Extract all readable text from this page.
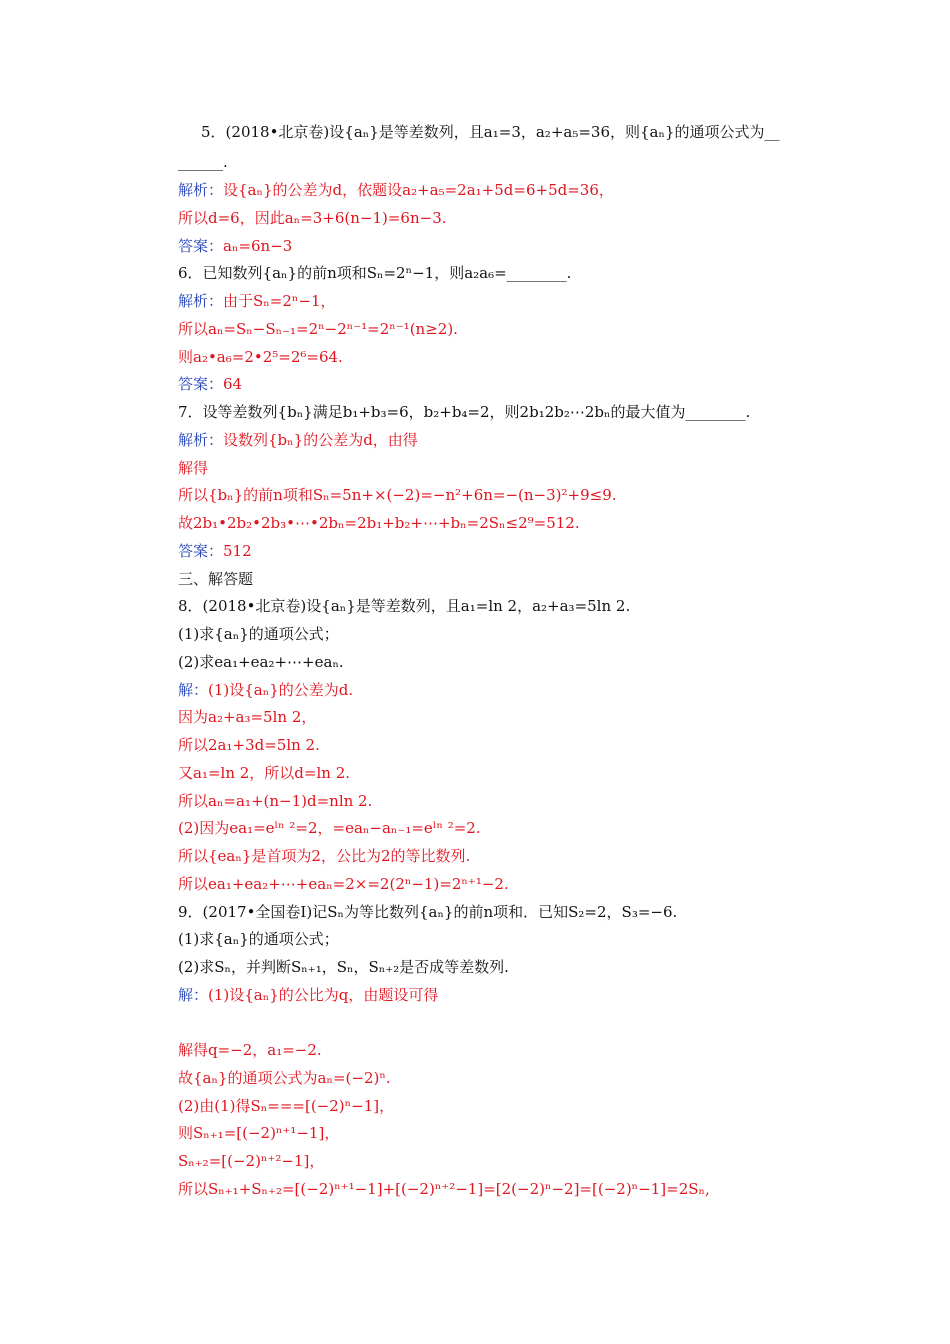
5．(2018•北京卷)设{aₙ}是等差数列，且a₁=3，a₂+a₅=36，则{aₙ}的通项公式为__
______.
解析：设{aₙ}的公差为d，依题设a₂+a₅=2a₁+5d=6+5d=36，
所以d=6，因此aₙ=3+6(n−1)=6n−3.
答案：aₙ=6n−3
6．已知数列{aₙ}的前n项和Sₙ=2ⁿ−1，则a₂a₆=________.
解析：由于Sₙ=2ⁿ−1，
所以aₙ=Sₙ−Sₙ₋₁=2ⁿ−2ⁿ⁻¹=2ⁿ⁻¹(n≥2).
则a₂•a₆=2•2⁵=2⁶=64.
答案：64
7．设等差数列{bₙ}满足b₁+b₃=6，b₂+b₄=2，则2b₁2b₂⋯2bₙ的最大值为________.
解析：设数列{bₙ}的公差为d，由得
解得
所以{bₙ}的前n项和Sₙ=5n+×(−2)=−n²+6n=−(n−3)²+9≤9.
故2b₁•2b₂•2b₃•⋯•2bₙ=2b₁+b₂+⋯+bₙ=2Sₙ≤2⁹=512.
答案：512
三、解答题
8．(2018•北京卷)设{aₙ}是等差数列，且a₁=ln 2，a₂+a₃=5ln 2.
(1)求{aₙ}的通项公式；
(2)求ea₁+ea₂+⋯+eaₙ.
解：(1)设{aₙ}的公差为d.
因为a₂+a₃=5ln 2，
所以2a₁+3d=5ln 2.
又a₁=ln 2，所以d=ln 2.
所以aₙ=a₁+(n−1)d=nln 2.
(2)因为ea₁=eˡⁿ ²=2，=eaₙ−aₙ₋₁=eˡⁿ ²=2.
所以{eaₙ}是首项为2，公比为2的等比数列.
所以ea₁+ea₂+⋯+eaₙ=2×=2(2ⁿ−1)=2ⁿ⁺¹−2.
9．(2017•全国卷Ⅰ)记Sₙ为等比数列{aₙ}的前n项和．已知S₂=2，S₃=−6.
(1)求{aₙ}的通项公式；
(2)求Sₙ，并判断Sₙ₊₁，Sₙ，Sₙ₊₂是否成等差数列.
解：(1)设{aₙ}的公比为q，由题设可得
解得q=−2，a₁=−2.
故{aₙ}的通项公式为aₙ=(−2)ⁿ.
(2)由(1)得Sₙ===[(−2)ⁿ−1]，
则Sₙ₊₁=[(−2)ⁿ⁺¹−1]，
Sₙ₊₂=[(−2)ⁿ⁺²−1]，
所以Sₙ₊₁+Sₙ₊₂=[(−2)ⁿ⁺¹−1]+[(−2)ⁿ⁺²−1]=[2(−2)ⁿ−2]=[(−2)ⁿ−1]=2Sₙ,
